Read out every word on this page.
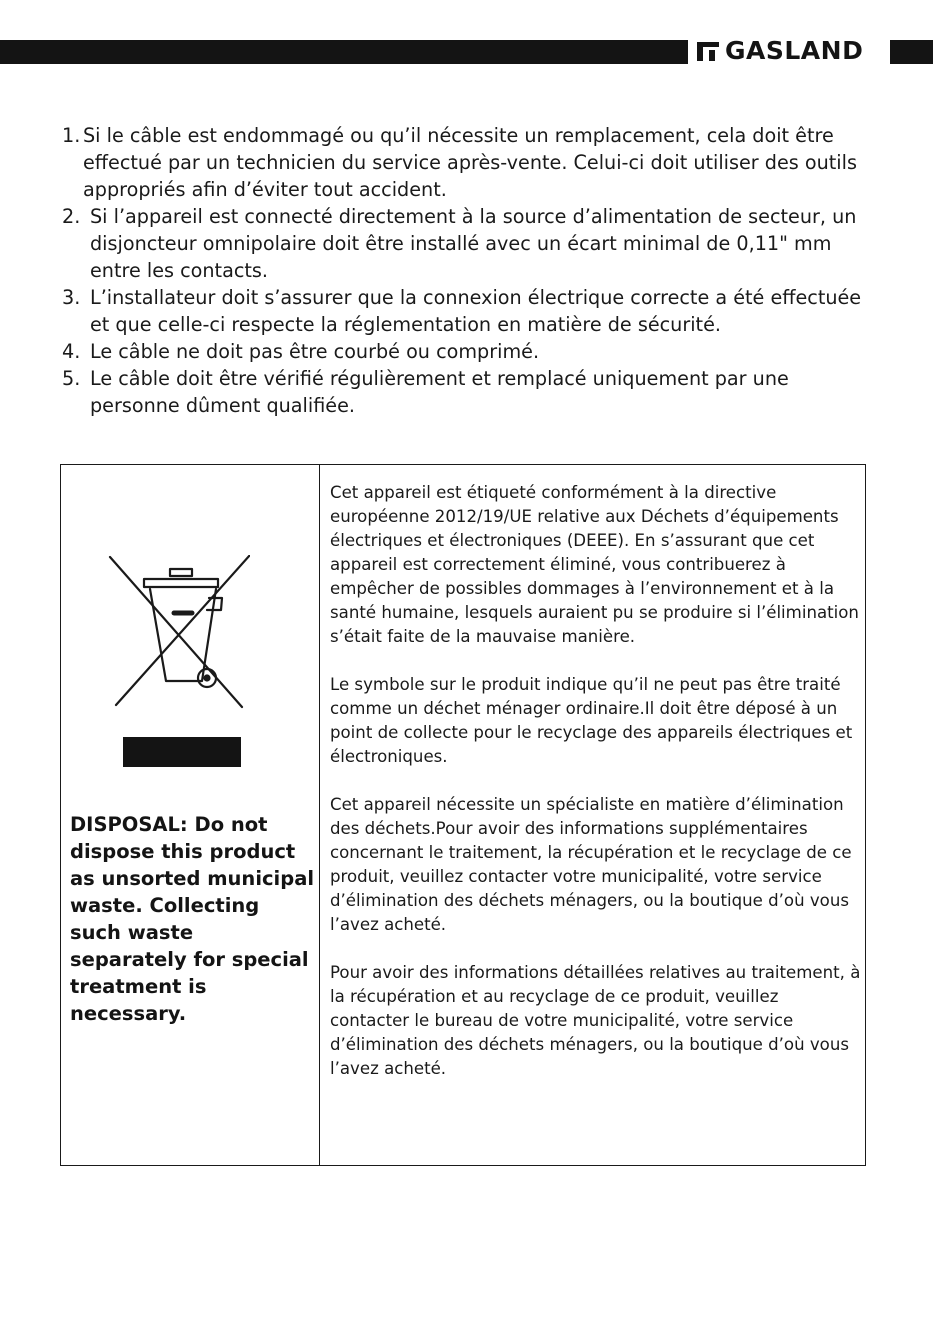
GASLAND
1. Si le câble est endommagé ou qu’il nécessite un remplacement, cela doit être effectué par un technicien du service après-vente. Celui-ci doit utiliser des outils appropriés afin d’éviter tout accident.
2. Si l’appareil est connecté directement à la source d’alimentation de secteur, un disjoncteur omnipolaire doit être installé avec un écart minimal de 0,11" mm entre les contacts.
3. L’installateur doit s’assurer que la connexion électrique correcte a été effectuée et que celle-ci respecte la réglementation en matière de sécurité.
4. Le câble ne doit pas être courbé ou comprimé.
5. Le câble doit être vérifié régulièrement et remplacé uniquement par une personne dûment qualifiée.
DISPOSAL: Do not dispose this product as unsorted municipal waste. Collecting such waste separately for special treatment is necessary.

Cet appareil est étiqueté conformément à la directive européenne 2012/19/UE relative aux Déchets d’équipements électriques et électroniques (DEEE). En s’assurant que cet appareil est correctement éliminé, vous contribuerez à empêcher de possibles dommages à l’environnement et à la santé humaine, lesquels auraient pu se produire si l’élimination s’était faite de la mauvaise manière.

Le symbole sur le produit indique qu’il ne peut pas être traité comme un déchet ménager ordinaire.Il doit être déposé à un point de collecte pour le recyclage des appareils électriques et électroniques.

Cet appareil nécessite un spécialiste en matière d’élimination des déchets.Pour avoir des informations supplémentaires concernant le traitement, la récupération et le recyclage de ce produit, veuillez contacter votre municipalité, votre service d’élimination des déchets ménagers, ou la boutique d’où vous l’avez acheté.

Pour avoir des informations détaillées relatives au traitement, à la récupération et au recyclage de ce produit, veuillez contacter le bureau de votre municipalité, votre service d’élimination des déchets ménagers, ou la boutique d’où vous l’avez acheté.
